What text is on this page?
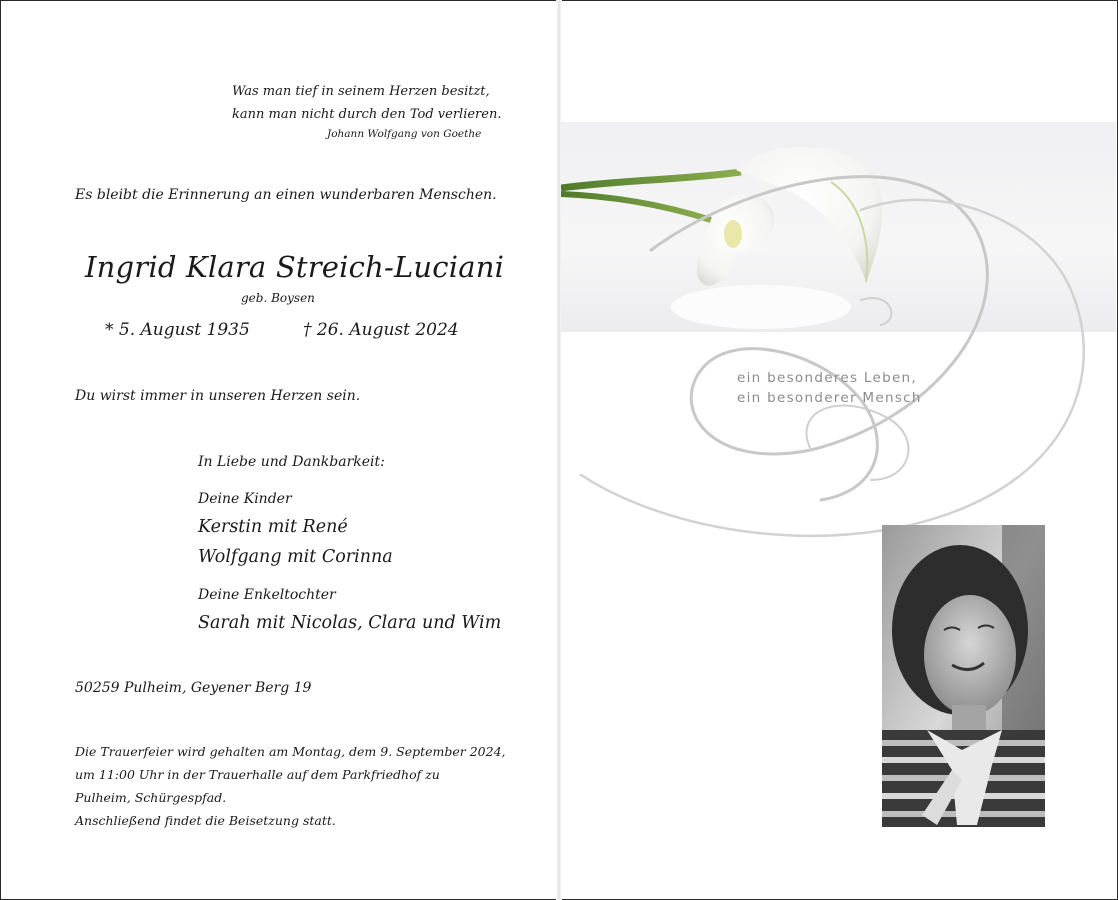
Was man tief in seinem Herzen besitzt,
kann man nicht durch den Tod verlieren.
Johann Wolfgang von Goethe
Es bleibt die Erinnerung an einen wunderbaren Menschen.
Ingrid Klara Streich-Luciani
geb. Boysen
* 5. August 1935	† 26. August 2024
Du wirst immer in unseren Herzen sein.
In Liebe und Dankbarkeit:
Deine Kinder
Kerstin mit René
Wolfgang mit Corinna
Deine Enkeltochter
Sarah mit Nicolas, Clara und Wim
50259 Pulheim, Geyener Berg 19
Die Trauerfeier wird gehalten am Montag, dem 9. September 2024,
um 11:00 Uhr in der Trauerhalle auf dem Parkfriedhof zu
Pulheim, Schürgespfad.
Anschließend findet die Beisetzung statt.
ein besonderes Leben,
ein besonderer Mensch
